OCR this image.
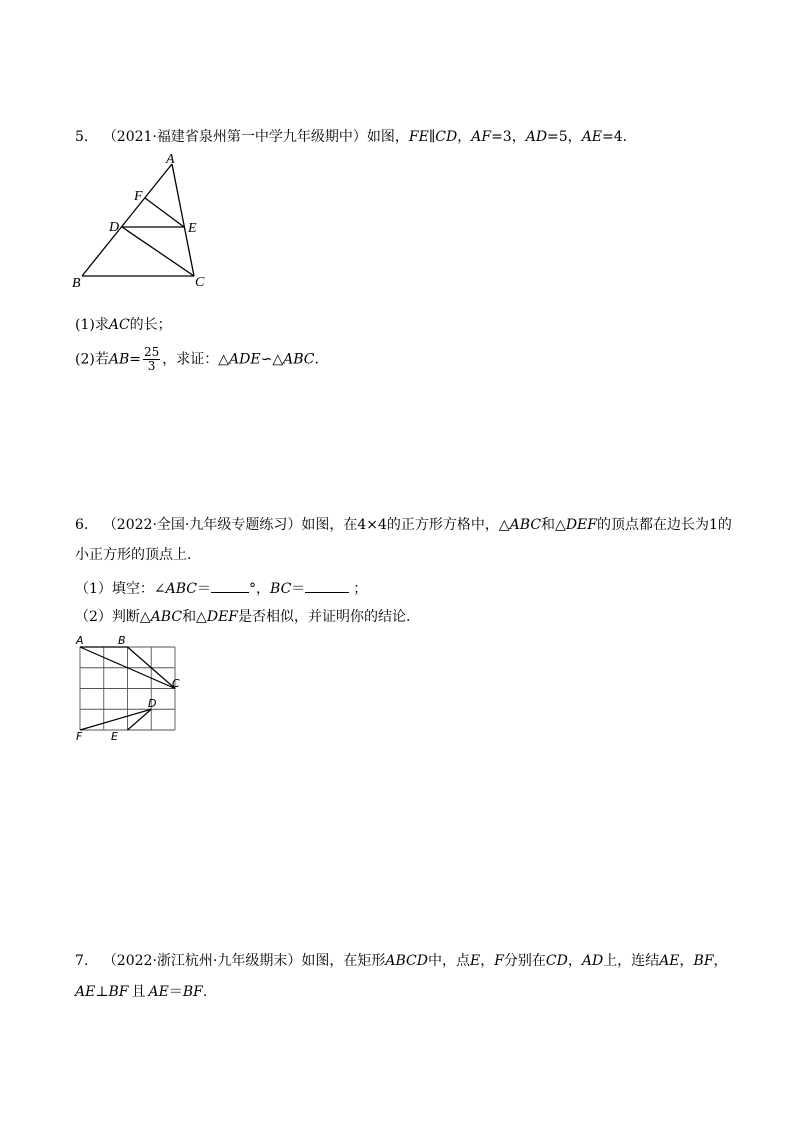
5. （2021·福建省泉州第一中学九年级期中）如图，FE∥CD，AF=3，AD=5，AE=4.
A
F
D	E
B	C
(1)求AC的长；
(2)若$AB= \frac{25}{3}$ ，求证：△ADE∽△ABC.
6. （2022·全国·九年级专题练习）如图，在4×4的正方形方格中，△ABC和△DEF的顶点都在边长为1的
小正方形的顶点上.
（1）填空：∠ABC＝	°，BC＝	；
（2）判断△ABC和△DEF是否相似，并证明你的结论.
A	B
C
D
E
F
7. （2022·浙江杭州·九年级期末）如图，在矩形ABCD中，点E，F分别在CD，AD上，连结AE，BF，
AE⊥BF 且 AE＝BF.
